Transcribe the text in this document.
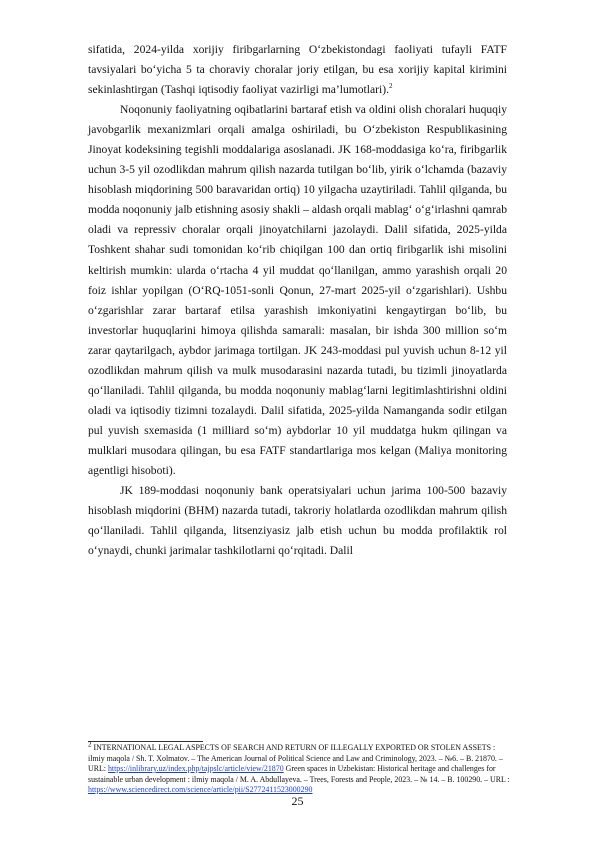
sifatida, 2024-yilda xorijiy firibgarlarning O‘zbekistondagi faoliyati tufayli FATF tavsiyalari bo‘yicha 5 ta choraviy choralar joriy etilgan, bu esa xorijiy kapital kirimini sekinlashtirgan (Tashqi iqtisodiy faoliyat vazirligi ma’lumotlari).$^2$

Noqonuniy faoliyatning oqibatlarini bartaraf etish va oldini olish choralari huquqiy javobgarlik mexanizmlari orqali amalga oshiriladi, bu O‘zbekiston Respublikasining Jinoyat kodeksining tegishli moddalariga asoslanadi. JK 168-moddasiga ko‘ra, firibgarlik uchun 3-5 yil ozodlikdan mahrum qilish nazarda tutilgan bo‘lib, yirik o‘lchamda (bazaviy hisoblash miqdorining 500 baravaridan ortiq) 10 yilgacha uzaytiriladi. Tahlil qilganda, bu modda noqonuniy jalb etishning asosiy shakli – aldash orqali mablag‘ o‘g‘irlashni qamrab oladi va repressiv choralar orqali jinoyatchilarni jazolaydi. Dalil sifatida, 2025-yilda Toshkent shahar sudi tomonidan ko‘rib chiqilgan 100 dan ortiq firibgarlik ishi misolini keltirish mumkin: ularda o‘rtacha 4 yil muddat qo‘llanilgan, ammo yarashish orqali 20 foiz ishlar yopilgan (O‘RQ-1051-sonli Qonun, 27-mart 2025-yil o‘zgarishlari). Ushbu o‘zgarishlar zarar bartaraf etilsa yarashish imkoniyatini kengaytirgan bo‘lib, bu investorlar huquqlarini himoya qilishda samarali: masalan, bir ishda 300 million so‘m zarar qaytarilgach, aybdor jarimaga tortilgan. JK 243-moddasi pul yuvish uchun 8-12 yil ozodlikdan mahrum qilish va mulk musodarasini nazarda tutadi, bu tizimli jinoyatlarda qo‘llaniladi. Tahlil qilganda, bu modda noqonuniy mablag‘larni legitimlashtirishni oldini oladi va iqtisodiy tizimni tozalaydi. Dalil sifatida, 2025-yilda Namanganda sodir etilgan pul yuvish sxemasida (1 milliard so‘m) aybdorlar 10 yil muddatga hukm qilingan va mulklari musodara qilingan, bu esa FATF standartlariga mos kelgan (Maliya monitoring agentligi hisoboti).

JK 189-moddasi noqonuniy bank operatsiyalari uchun jarima 100-500 bazaviy hisoblash miqdorini (BHM) nazarda tutadi, takroriy holatlarda ozodlikdan mahrum qilish qo‘llaniladi. Tahlil qilganda, litsenziyasiz jalb etish uchun bu modda profilaktik rol o‘ynaydi, chunki jarimalar tashkilotlarni qo‘rqitadi. Dalil

$^2$ INTERNATIONAL LEGAL ASPECTS OF SEARCH AND RETURN OF ILLEGALLY EXPORTED OR STOLEN ASSETS : ilmiy maqola / Sh. T. Xolmatov. – The American Journal of Political Science and Law and Criminology, 2023. – №6. – B. 21870. – URL: https://inlibrary.uz/index.php/tajpslc/article/view/21870 Green spaces in Uzbekistan: Historical heritage and challenges for sustainable urban development : ilmiy maqola / M. A. Abdullayeva. – Trees, Forests and People, 2023. – № 14. – B. 100290. – URL : https://www.sciencedirect.com/science/article/pii/S2772411523000290
25
